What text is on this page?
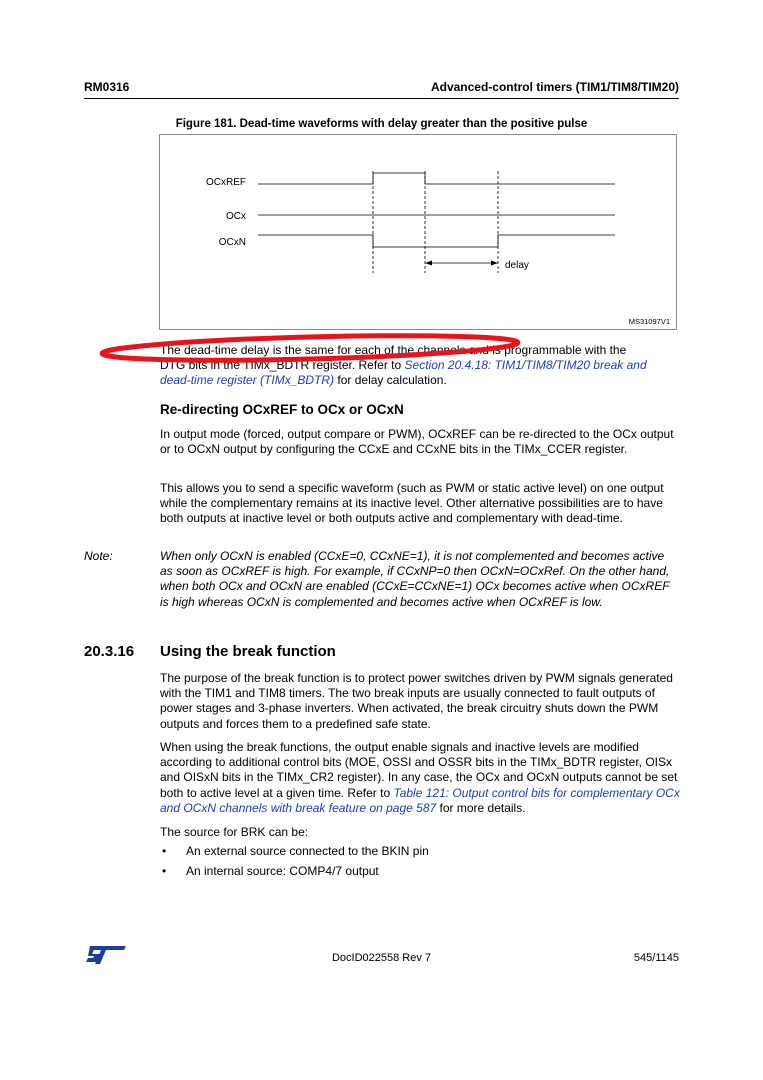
RM0316	Advanced-control timers (TIM1/TIM8/TIM20)
Figure 181. Dead-time waveforms with delay greater than the positive pulse
OCxREF
OCx
OCxN
delay
MS31097V1

The dead-time delay is the same for each of the channels and is programmable with the

DTG bits in the TIMx_BDTR register. Refer to Section 20.4.18: TIM1/TIM8/TIM20 break and

dead-time register (TIMx_BDTR) for delay calculation.

Re-directing OCxREF to OCx or OCxN
In output mode (forced, output compare or PWM), OCxREF can be re-directed to the OCx output or to OCxN output by configuring the CCxE and CCxNE bits in the TIMx_CCER register.
This allows you to send a specific waveform (such as PWM or static active level) on one output while the complementary remains at its inactive level. Other alternative possibilities are to have both outputs at inactive level or both outputs active and complementary with dead-time.
Note:	When only OCxN is enabled (CCxE=0, CCxNE=1), it is not complemented and becomes active as soon as OCxREF is high. For example, if CCxNP=0 then OCxN=OCxRef. On the other hand, when both OCx and OCxN are enabled (CCxE=CCxNE=1) OCx becomes active when OCxREF is high whereas OCxN is complemented and becomes active when OCxREF is low.
20.3.16 Using the break function
The purpose of the break function is to protect power switches driven by PWM signals generated with the TIM1 and TIM8 timers. The two break inputs are usually connected to fault outputs of power stages and 3-phase inverters. When activated, the break circuitry shuts down the PWM outputs and forces them to a predefined safe state.
When using the break functions, the output enable signals and inactive levels are modified according to additional control bits (MOE, OSSI and OSSR bits in the TIMx_BDTR register, OISx and OISxN bits in the TIMx_CR2 register). In any case, the OCx and OCxN outputs cannot be set both to active level at a given time. Refer to Table 121: Output control bits for complementary OCx and OCxN channels with break feature on page 587 for more details.
The source for BRK can be:
• An external source connected to the BKIN pin
• An internal source: COMP4/7 output
DocID022558 Rev 7	545/1145
